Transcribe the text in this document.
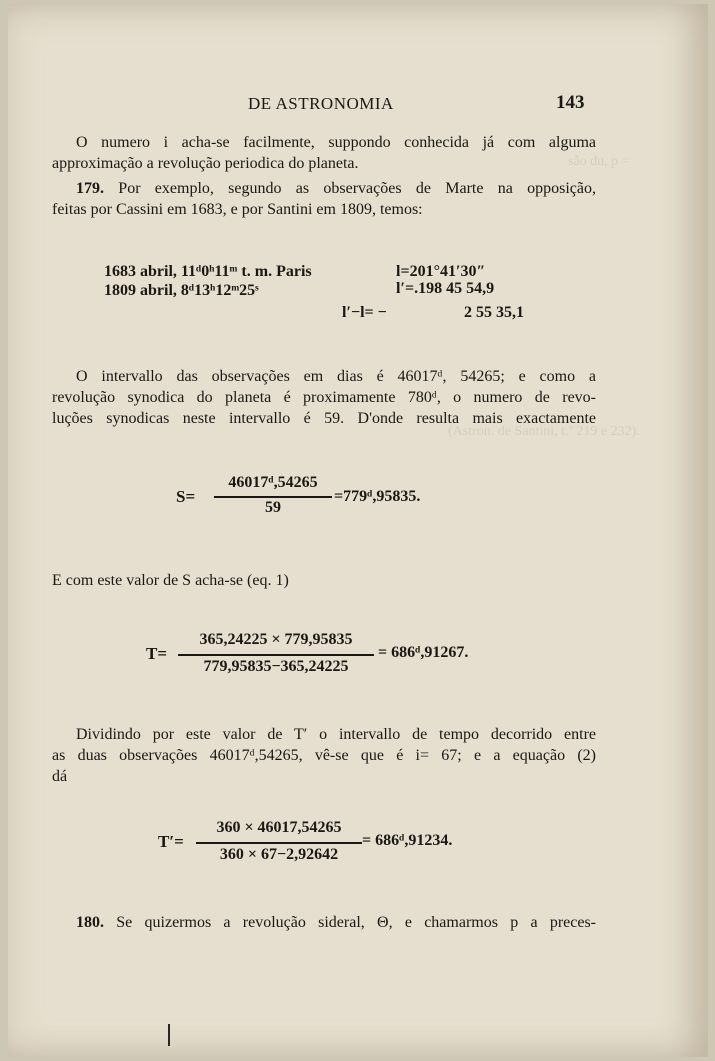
são du, p =
(Astron. de Santini, t.º 219 e 232).
DE ASTRONOMIA	143
O numero i acha-se facilmente, suppondo conhecida já com alguma
approximação a revolução periodica do planeta.
179. Por exemplo, segundo as observações de Marte na opposição,
feitas por Cassini em 1683, e por Santini em 1809, temos:
1683 abril, 11ᵈ0ʰ11ᵐ t. m. Paris	l=201°41′30″
1809 abril, 8ᵈ13ʰ12ᵐ25ˢ	l′=.198 45 54,9
l′−l= −	2 55 35,1
O intervallo das observações em dias é 46017ᵈ, 54265; e como a
revolução synodica do planeta é proximamente 780ᵈ, o numero de revo-
luções synodicas neste intervallo é 59. D'onde resulta mais exactamente
S=
46017ᵈ,54265
59
=779ᵈ,95835.
E com este valor de S acha-se (eq. 1)
T=
365,24225 × 779,95835
779,95835−365,24225
= 686ᵈ,91267.
Dividindo por este valor de T′ o intervallo de tempo decorrido entre
as duas observações 46017ᵈ,54265, vê-se que é i= 67; e a equação (2)
dá
T′=
360 × 46017,54265
360 × 67−2,92642
= 686ᵈ,91234.
180. Se quizermos a revolução sideral, Θ, e chamarmos p a preces-
